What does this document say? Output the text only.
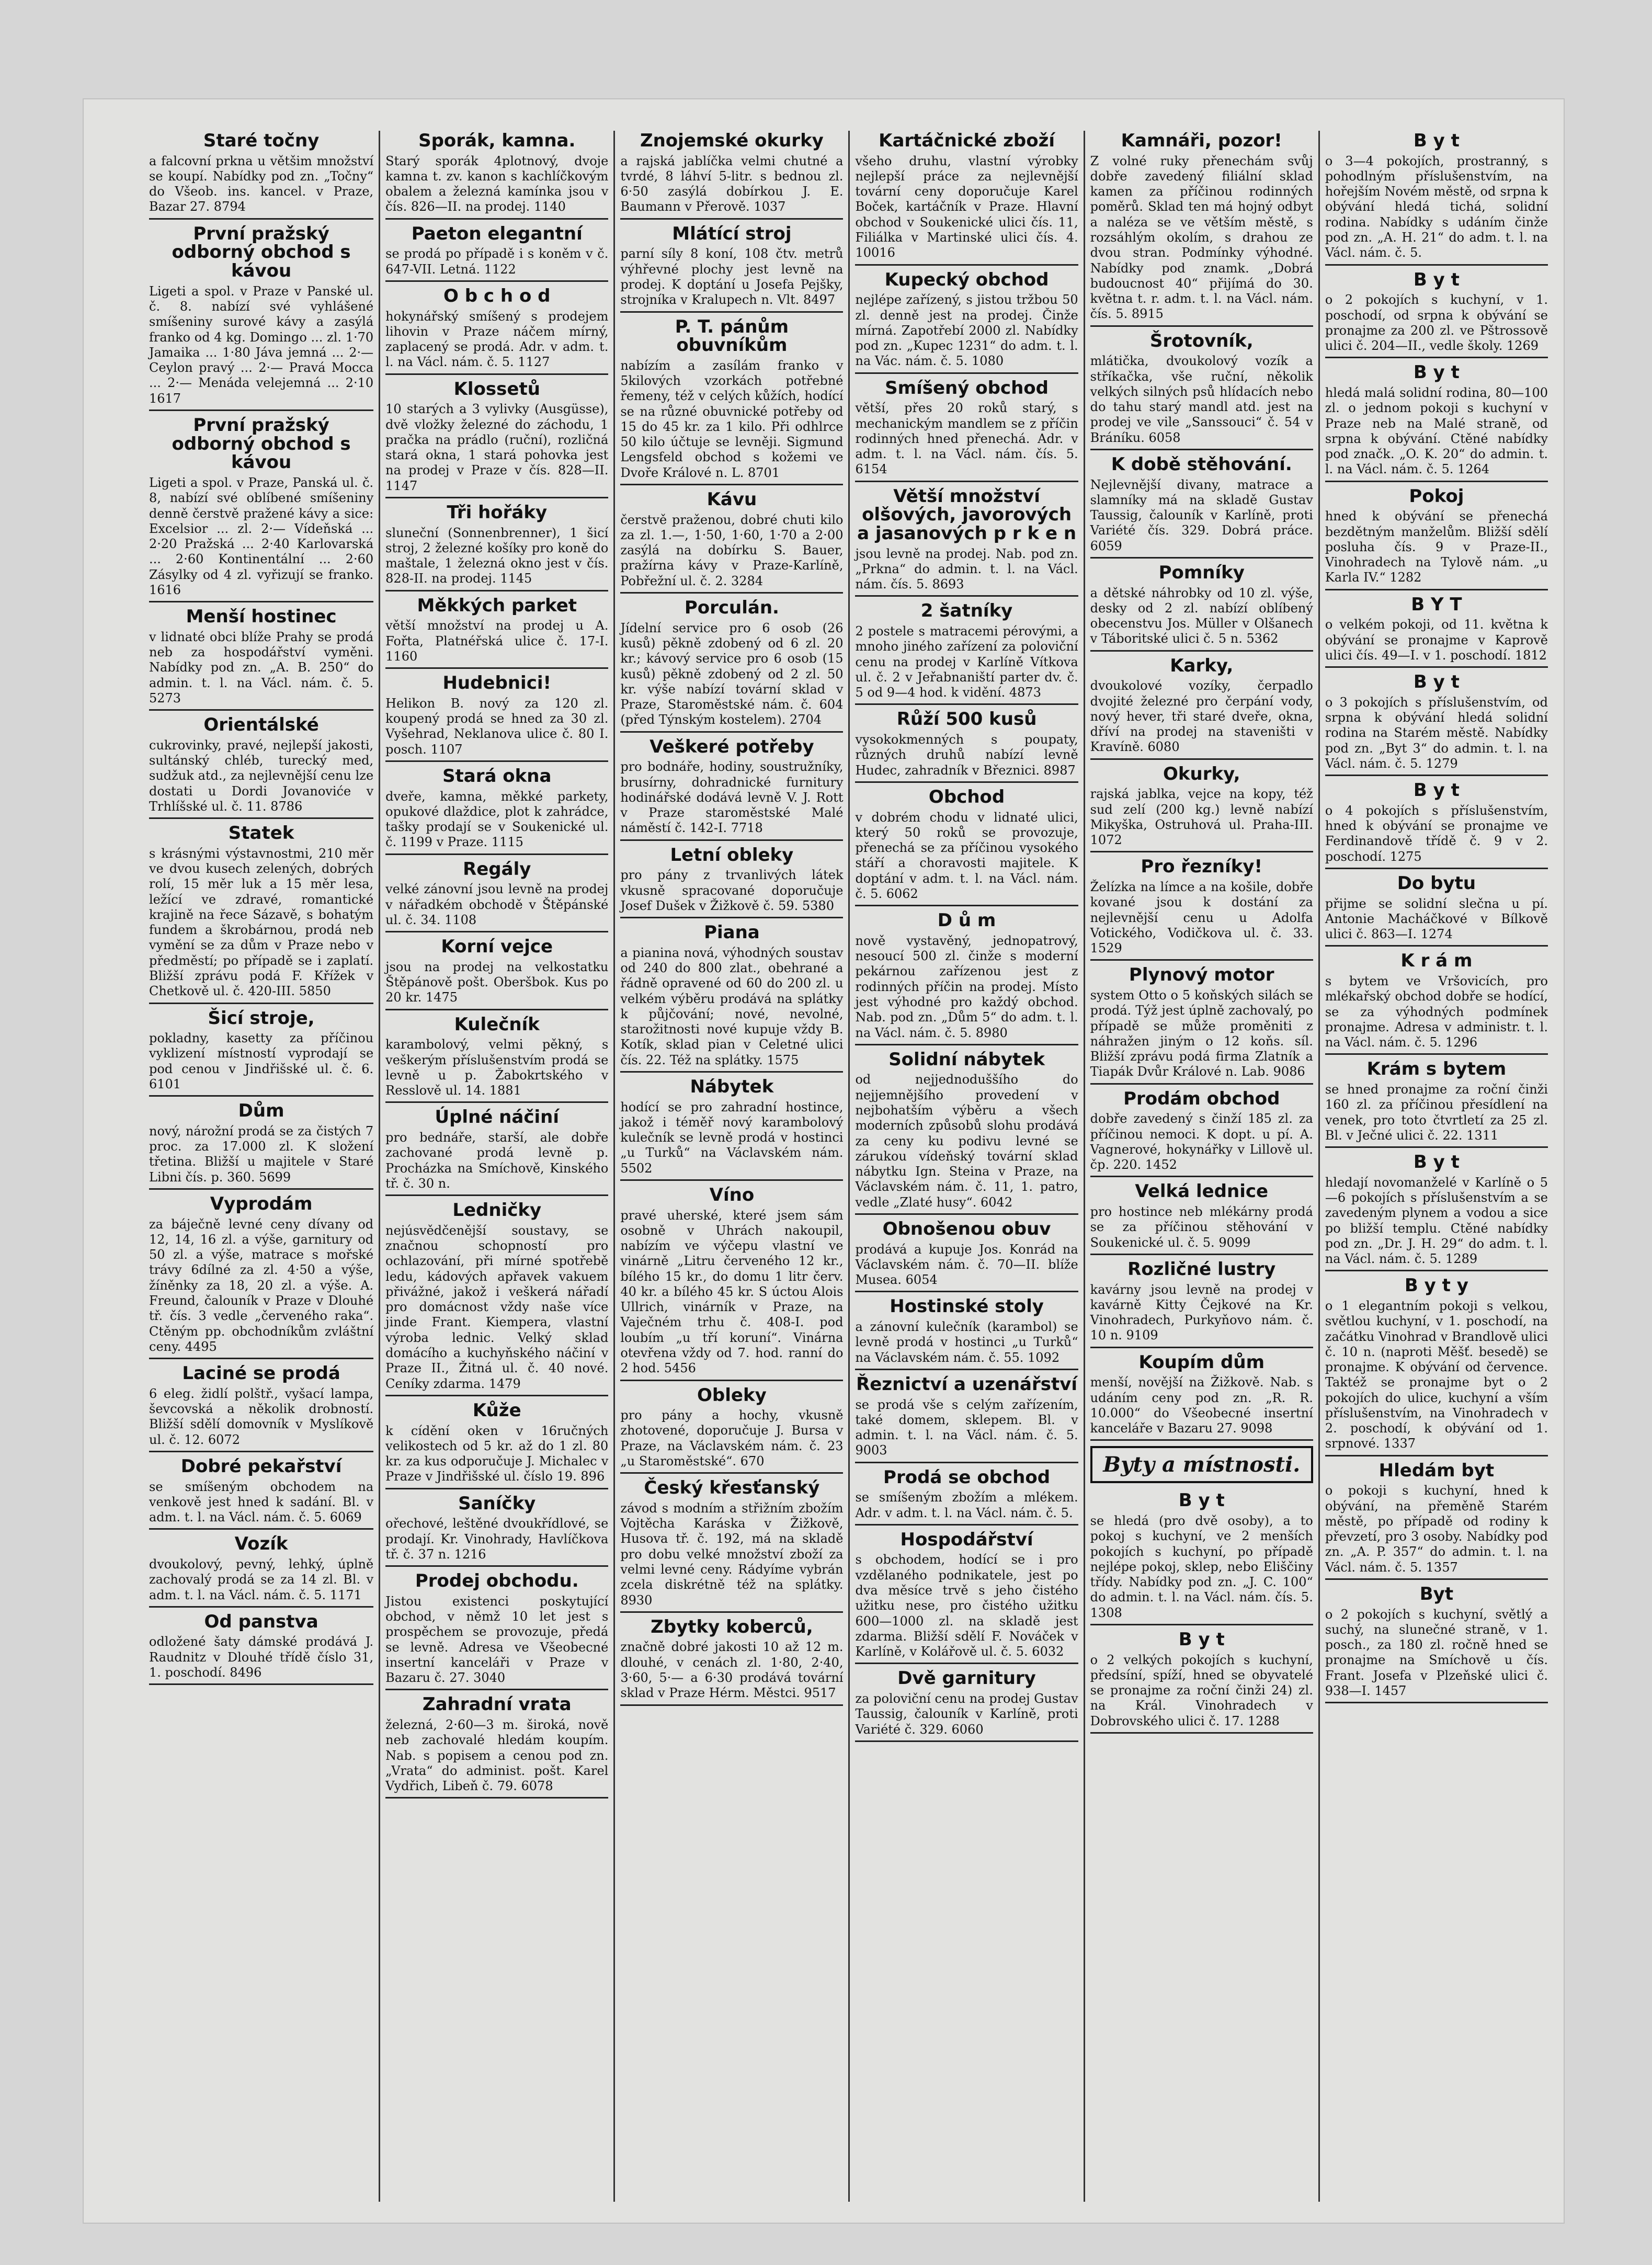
Staré točny
a falcovní prkna u většim množství se koupí. Nabídky pod zn. „Točny“ do Všeob. ins. kancel. v Praze, Bazar 27. 8794
První pražský odborný obchod s kávou
Ligeti a spol. v Praze v Panské ul. č. 8. nabízí své vyhlášené smíšeniny surové kávy a zasýlá franko od 4 kg. Domingo ... zl. 1·70 Jamaika ... 1·80 Jáva jemná ... 2·— Ceylon pravý ... 2·— Pravá Mocca ... 2·— Menáda velejemná ... 2·10 1617
První pražský odborný obchod s kávou
Ligeti a spol. v Praze, Panská ul. č. 8, nabízí své oblíbené smíšeniny denně čerstvě pražené kávy a sice: Excelsior ... zl. 2·— Vídeňská ... 2·20 Pražská ... 2·40 Karlovarská ... 2·60 Kontinentální ... 2·60 Zásylky od 4 zl. vyřizují se franko. 1616
Menší hostinec
v lidnaté obci blíže Prahy se prodá neb za hospodářství vyměni. Nabídky pod zn. „A. B. 250“ do admin. t. l. na Václ. nám. č. 5. 5273
Orientálské
cukrovinky, pravé, nejlepší jakosti, sultánský chléb, turecký med, sudžuk atd., za nejlevnější cenu lze dostati u Dordi Jovanoviće v Trhlíšské ul. č. 11. 8786
Statek
s krásnými výstavnostmi, 210 měr ve dvou kusech zelených, dobrých rolí, 15 měr luk a 15 měr lesa, ležící ve zdravé, romantické krajině na řece Sázavě, s bohatým fundem a škrobárnou, prodá neb vymění se za dům v Praze nebo v předměstí; po případě se i zaplatí. Bližší zprávu podá F. Křížek v Chetkově ul. č. 420-III. 5850
Šicí stroje,
pokladny, kasetty za příčinou vyklizení místností vyprodají se pod cenou v Jindřišské ul. č. 6. 6101
Dům
nový, nárožní prodá se za čistých 7 proc. za 17.000 zl. K složení třetina. Bližší u majitele v Staré Libni čís. p. 360. 5699
Vyprodám
za báječně levné ceny dívany od 12, 14, 16 zl. a výše, garnitury od 50 zl. a výše, matrace s mořské trávy 6dílné za zl. 4·50 a výše, žíněnky za 18, 20 zl. a výše. A. Freund, čalouník v Praze v Dlouhé tř. čís. 3 vedle „červeného raka“. Ctěným pp. obchodníkům zvláštní ceny. 4495
Laciné se prodá
6 eleg. židlí polštř., vyšací lampa, ševcovská a několik drobností. Bližší sdělí domovník v Myslíkově ul. č. 12. 6072
Dobré pekařství
se smíšeným obchodem na venkově jest hned k sadání. Bl. v adm. t. l. na Václ. nám. č. 5. 6069
Vozík
dvoukolový, pevný, lehký, úplně zachovalý prodá se za 14 zl. Bl. v adm. t. l. na Václ. nám. č. 5. 1171
Od panstva
odložené šaty dámské prodává J. Raudnitz v Dlouhé třídě číslo 31, 1. poschodí. 8496
Sporák, kamna.
Starý sporák 4plotnový, dvoje kamna t. zv. kanon s kachlíčkovým obalem a železná kamínka jsou v čís. 826—II. na prodej. 1140
Paeton elegantní
se prodá po případě i s koněm v č. 647-VII. Letná. 1122
O b c h o d
hokynářský smíšený s prodejem lihovin v Praze náčem mírný, zaplacený se prodá. Adr. v adm. t. l. na Václ. nám. č. 5. 1127
Klossetů
10 starých a 3 vylivky (Ausgüsse), dvě vložky železné do záchodu, 1 pračka na prádlo (ruční), rozličná stará okna, 1 stará pohovka jest na prodej v Praze v čís. 828—II. 1147
Tři hořáky
sluneční (Sonnenbrenner), 1 šicí stroj, 2 železné košíky pro koně do maštale, 1 železná okno jest v čís. 828-II. na prodej. 1145
Měkkých parket
větší množství na prodej u A. Fořta, Platnéřská ulice č. 17-I. 1160
Hudebnici!
Helikon B. nový za 120 zl. koupený prodá se hned za 30 zl. Vyšehrad, Neklanova ulice č. 80 I. posch. 1107
Stará okna
dveře, kamna, měkké parkety, opukové dlaždice, plot k zahrádce, tašky prodají se v Soukenické ul. č. 1199 v Praze. 1115
Regály
velké zánovní jsou levně na prodej v nářadkém obchodě v Štěpánské ul. č. 34. 1108
Korní vejce
jsou na prodej na velkostatku Štěpánově pošt. Oberšbok. Kus po 20 kr. 1475
Kulečník
karambolový, velmi pěkný, s veškerým příslušenstvím prodá se levně u p. Žabokrtského v Resslově ul. 14. 1881
Úplné náčiní
pro bednáře, starší, ale dobře zachované prodá levně p. Procházka na Smíchově, Kinského tř. č. 30 n.
Ledničky
nejúsvědčenější soustavy, se značnou schopností pro ochlazování, při mírné spotřebě ledu, kádových apřavek vakuem přivážné, jakož i veškerá nářadí pro domácnost vždy naše více jinde Frant. Kiempera, vlastní výroba lednic. Velký sklad domácího a kuchyňského náčiní v Praze II., Žitná ul. č. 40 nové. Ceníky zdarma. 1479
Kůže
k cídění oken v 16ručných velikostech od 5 kr. až do 1 zl. 80 kr. za kus odporučuje J. Michalec v Praze v Jindřišské ul. číslo 19. 896
Saníčky
ořechové, leštěné dvoukřídlové, se prodají. Kr. Vinohrady, Havlíčkova tř. č. 37 n. 1216
Prodej obchodu.
Jistou existenci poskytující obchod, v němž 10 let jest s prospěchem se provozuje, předá se levně. Adresa ve Všeobecné insertní kanceláři v Praze v Bazaru č. 27. 3040
Zahradní vrata
železná, 2·60—3 m. široká, nově neb zachovalé hledám koupím. Nab. s popisem a cenou pod zn. „Vrata“ do administ. pošt. Karel Vydřich, Libeň č. 79. 6078
Znojemské okurky
a rajská jablíčka velmi chutné a tvrdé, 8 láhví 5-litr. s bednou zl. 6·50 zasýlá dobírkou J. E. Baumann v Přerově. 1037
Mlátící stroj
parní síly 8 koní, 108 čtv. metrů výhřevné plochy jest levně na prodej. K doptání u Josefa Pejšky, strojníka v Kralupech n. Vlt. 8497
P. T. pánům obuvníkům
nabízím a zasílám franko v 5kilových vzorkách potřebné řemeny, též v celých kůžích, hodící se na různé obuvnické potřeby od 15 do 45 kr. za 1 kilo. Při odhlrce 50 kilo účtuje se levněji. Sigmund Lengsfeld obchod s kožemi ve Dvoře Králové n. L. 8701
Kávu
čerstvě praženou, dobré chuti kilo za zl. 1.—, 1·50, 1·60, 1·70 a 2·00 zasýlá na dobírku S. Bauer, pražírna kávy v Praze-Karlíně, Pobřežní ul. č. 2. 3284
Porculán.
Jídelní service pro 6 osob (26 kusů) pěkně zdobený od 6 zl. 20 kr.; kávový service pro 6 osob (15 kusů) pěkně zdobený od 2 zl. 50 kr. výše nabízí tovární sklad v Praze, Staroměstské nám. č. 604 (před Týnským kostelem). 2704
Veškeré potřeby
pro bodnáře, hodiny, soustružníky, brusírny, dohradnické furnitury hodinářské dodává levně V. J. Rott v Praze staroměstské Malé náměstí č. 142-I. 7718
Letní obleky
pro pány z trvanlivých látek vkusně spracované doporučuje Josef Dušek v Žižkově č. 59. 5380
Piana
a pianina nová, výhodných soustav od 240 do 800 zlat., obehrané a řádně opravené od 60 do 200 zl. u velkém výběru prodává na splátky k půjčování; nové, nevolné, starožitnosti nové kupuje vždy B. Kotík, sklad pian v Celetné ulici čís. 22. Též na splátky. 1575
Nábytek
hodící se pro zahradní hostince, jakož i téměř nový karambolový kulečník se levně prodá v hostinci „u Turků“ na Václavském nám. 5502
Víno
pravé uherské, které jsem sám osobně v Uhrách nakoupil, nabízím ve výčepu vlastní ve vinárně „Litru červeného 12 kr., bílého 15 kr., do domu 1 litr červ. 40 kr. a bílého 45 kr. S úctou Alois Ullrich, vinárník v Praze, na Vaječném trhu č. 408-I. pod loubím „u tří koruní“. Vinárna otevřena vždy od 7. hod. ranní do 2 hod. 5456
Obleky
pro pány a hochy, vkusně zhotovené, doporučuje J. Bursa v Praze, na Václavském nám. č. 23 „u Staroměstské“. 670
Český křesťanský
závod s modním a střižním zbožím Vojtěcha Karáska v Žižkově, Husova tř. č. 192, má na skladě pro dobu velké množství zboží za velmi levné ceny. Rádyíme vybrán zcela diskrétně též na splátky. 8930
Zbytky koberců,
značně dobré jakosti 10 až 12 m. dlouhé, v cenách zl. 1·80, 2·40, 3·60, 5·— a 6·30 prodává tovární sklad v Praze Hérm. Městci. 9517
Kartáčnické zboží
všeho druhu, vlastní výrobky nejlepší práce za nejlevnější tovární ceny doporučuje Karel Boček, kartáčník v Praze. Hlavní obchod v Soukenické ulici čís. 11, Filiálka v Martinské ulici čís. 4. 10016
Kupecký obchod
nejlépe zařízený, s jistou tržbou 50 zl. denně jest na prodej. Činže mírná. Zapotřebí 2000 zl. Nabídky pod zn. „Kupec 1231“ do adm. t. l. na Vác. nám. č. 5. 1080
Smíšený obchod
větší, přes 20 roků starý, s mechanickým mandlem se z příčin rodinných hned přenechá. Adr. v adm. t. l. na Václ. nám. čís. 5. 6154
Větší množství olšových, javorových a jasanových p r k e n
jsou levně na prodej. Nab. pod zn. „Prkna“ do admin. t. l. na Václ. nám. čís. 5. 8693
2 šatníky
2 postele s matracemi pérovými, a mnoho jiného zařízení za poloviční cenu na prodej v Karlíně Vítkova ul. č. 2 v Jeřabnaniští parter dv. č. 5 od 9—4 hod. k vidění. 4873
Růží 500 kusů
vysokokmenných s poupaty, různých druhů nabízí levně Hudec, zahradník v Březnici. 8987
Obchod
v dobrém chodu v lidnaté ulici, který 50 roků se provozuje, přenechá se za příčinou vysokého stáří a choravosti majitele. K doptání v adm. t. l. na Václ. nám. č. 5. 6062
D ů m
nově vystavěný, jednopatrový, nesoucí 500 zl. činže s moderní pekárnou zařízenou jest z rodinných příčin na prodej. Místo jest výhodné pro každý obchod. Nab. pod zn. „Dům 5“ do adm. t. l. na Václ. nám. č. 5. 8980
Solidní nábytek
od nejjednoduššího do nejjemnějšího provedení v nejbohatším výběru a všech moderních způsobů slohu prodává za ceny ku podivu levné se zárukou vídeňský tovární sklad nábytku Ign. Steina v Praze, na Václavském nám. č. 11, 1. patro, vedle „Zlaté husy“. 6042
Obnošenou obuv
prodává a kupuje Jos. Konrád na Václavském nám. č. 70—II. blíže Musea. 6054
Hostinské stoly
a zánovní kulečník (karambol) se levně prodá v hostinci „u Turků“ na Václavském nám. č. 55. 1092
Řeznictví a uzenářství
se prodá vše s celým zařízením, také domem, sklepem. Bl. v admin. t. l. na Václ. nám. č. 5. 9003
Prodá se obchod
se smíšeným zbožím a mlékem. Adr. v adm. t. l. na Václ. nám. č. 5.
Hospodářství
s obchodem, hodící se i pro vzdělaného podnikatele, jest po dva měsíce trvě s jeho čistého užitku nese, pro čistého užitku 600—1000 zl. na skladě jest zdarma. Bližší sdělí F. Nováček v Karlíně, v Kolářově ul. č. 5. 6032
Dvě garnitury
za poloviční cenu na prodej Gustav Taussig, čalouník v Karlíně, proti Variété č. 329. 6060
Kamnáři, pozor!
Z volné ruky přenechám svůj dobře zavedený filiální sklad kamen za příčinou rodinných poměrů. Sklad ten má hojný odbyt a naléza se ve větším městě, s rozsáhlým okolím, s drahou ze dvou stran. Podmínky výhodné. Nabídky pod znamk. „Dobrá budoucnost 40“ přijímá do 30. května t. r. adm. t. l. na Václ. nám. čís. 5. 8915
Šrotovník,
mlátička, dvoukolový vozík a stříkačka, vše ruční, několik velkých silných psů hlídacích nebo do tahu starý mandl atd. jest na prodej ve vile „Sanssouci“ č. 54 v Bráníku. 6058
K době stěhování.
Nejlevnější divany, matrace a slamníky má na skladě Gustav Taussig, čalouník v Karlíně, proti Variété čís. 329. Dobrá práce. 6059
Pomníky
a dětské náhrobky od 10 zl. výše, desky od 2 zl. nabízí oblíbený obecenstvu Jos. Müller v Olšanech v Táboritské ulici č. 5 n. 5362
Karky,
dvoukolové vozíky, čerpadlo dvojité železné pro čerpání vody, nový hever, tři staré dveře, okna, dříví na prodej na staveništi v Kravíně. 6080
Okurky,
rajská jablka, vejce na kopy, též sud zelí (200 kg.) levně nabízí Mikyška, Ostruhová ul. Praha-III. 1072
Pro řezníky!
Želízka na límce a na košile, dobře kované jsou k dostání za nejlevnější cenu u Adolfa Votického, Vodičkova ul. č. 33. 1529
Plynový motor
system Otto o 5 koňských silách se prodá. Týž jest úplně zachovalý, po případě se může proměniti z náhražen jiným o 12 koňs. síl. Bližší zprávu podá firma Zlatník a Tiapák Dvůr Králové n. Lab. 9086
Prodám obchod
dobře zavedený s činží 185 zl. za příčinou nemoci. K dopt. u pí. A. Vagnerové, hokynářky v Lillově ul. čp. 220. 1452
Velká lednice
pro hostince neb mlékárny prodá se za příčinou stěhování v Soukenické ul. č. 5. 9099
Rozličné lustry
kavárny jsou levně na prodej v kavárně Kitty Čejkové na Kr. Vinohradech, Purkyňovo nám. č. 10 n. 9109
Koupím dům
menší, novější na Žižkově. Nab. s udáním ceny pod zn. „R. R. 10.000“ do Všeobecné insertní kanceláře v Bazaru 27. 9098
Byty a místnosti.
B y t
se hledá (pro dvě osoby), a to pokoj s kuchyní, ve 2 menších pokojích s kuchyní, po případě nejlépe pokoj, sklep, nebo Eliščiny třídy. Nabídky pod zn. „J. C. 100“ do admin. t. l. na Václ. nám. čís. 5. 1308
B y t
o 2 velkých pokojích s kuchyní, předsíní, spíží, hned se obyvatelé se pronajme za roční činži 24) zl. na Král. Vinohradech v Dobrovského ulici č. 17. 1288
B y t
o 3—4 pokojích, prostranný, s pohodlným příslušenstvím, na hořejším Novém městě, od srpna k obývání hledá tichá, solidní rodina. Nabídky s udáním činže pod zn. „A. H. 21“ do adm. t. l. na Václ. nám. č. 5.
B y t
o 2 pokojích s kuchyní, v 1. poschodí, od srpna k obývání se pronajme za 200 zl. ve Pštrossově ulici č. 204—II., vedle školy. 1269
B y t
hledá malá solidní rodina, 80—100 zl. o jednom pokoji s kuchyní v Praze neb na Malé straně, od srpna k obývání. Ctěné nabídky pod značk. „O. K. 20“ do admin. t. l. na Václ. nám. č. 5. 1264
Pokoj
hned k obývání se přenechá bezdětným manželům. Bližší sdělí posluha čís. 9 v Praze-II., Vinohradech na Tylově nám. „u Karla IV.“ 1282
B Y T
o velkém pokoji, od 11. května k obývání se pronajme v Kaprově ulici čís. 49—I. v 1. poschodí. 1812
B y t
o 3 pokojích s příslušenstvím, od srpna k obývání hledá solidní rodina na Starém městě. Nabídky pod zn. „Byt 3“ do admin. t. l. na Václ. nám. č. 5. 1279
B y t
o 4 pokojích s příslušenstvím, hned k obývání se pronajme ve Ferdinandově třídě č. 9 v 2. poschodí. 1275
Do bytu
přijme se solidní slečna u pí. Antonie Macháčkové v Bílkově ulici č. 863—I. 1274
K r á m
s bytem ve Vršovicích, pro mlékařský obchod dobře se hodící, se za výhodných podmínek pronajme. Adresa v administr. t. l. na Václ. nám. č. 5. 1296
Krám s bytem
se hned pronajme za roční činži 160 zl. za příčinou přesídlení na venek, pro toto čtvrtletí za 25 zl. Bl. v Ječné ulici č. 22. 1311
B y t
hledají novomanželé v Karlíně o 5—6 pokojích s příslušenstvím a se zavedeným plynem a vodou a sice po bližší templu. Ctěné nabídky pod zn. „Dr. J. H. 29“ do adm. t. l. na Václ. nám. č. 5. 1289
B y t y
o 1 elegantním pokoji s velkou, světlou kuchyní, v 1. poschodí, na začátku Vinohrad v Brandlově ulici č. 10 n. (naproti Měšť. besedě) se pronajme. K obývání od července. Taktéž se pronajme byt o 2 pokojích do ulice, kuchyní a vším příslušenstvím, na Vinohradech v 2. poschodí, k obývání od 1. srpnové. 1337
Hledám byt
o pokoji s kuchyní, hned k obývání, na přeměně Starém městě, po případě od rodiny k převzetí, pro 3 osoby. Nabídky pod zn. „A. P. 357“ do admin. t. l. na Václ. nám. č. 5. 1357
Byt
o 2 pokojích s kuchyní, světlý a suchý, na slunečné straně, v 1. posch., za 180 zl. ročně hned se pronajme na Smíchově u čís. Frant. Josefa v Plzeňské ulici č. 938—I. 1457
